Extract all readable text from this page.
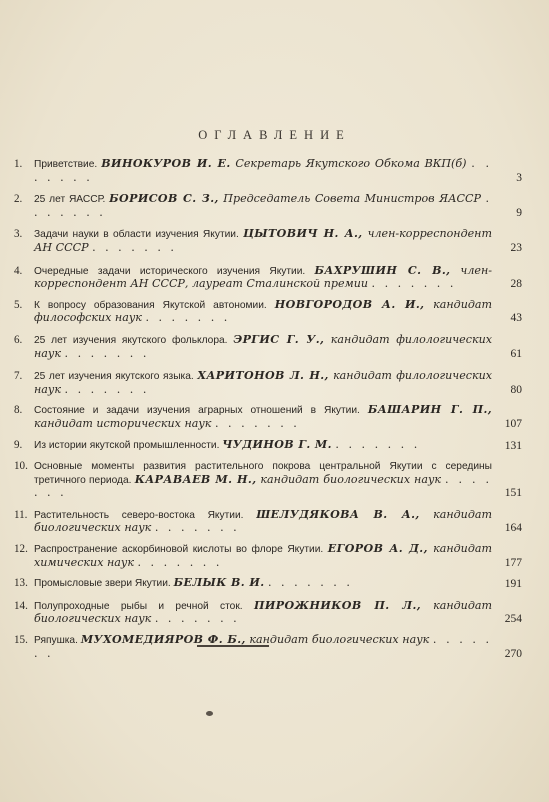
ОГЛАВЛЕНИЕ
1.	Приветствие. ВИНОКУРОВ И. Е. Секретарь Якутского Обкома ВКП(б) . . . . . . .	3
2.	25 лет ЯАССР. БОРИСОВ С. З., Председатель Совета Министров ЯАССР . . . . . . .	9
3.	Задачи науки в области изучения Якутии. ЦЫТОВИЧ Н. А., член-корреспондент АН СССР . . . . . . .	23
4.	Очередные задачи исторического изучения Якутии. БАХРУШИН С. В., член-корреспондент АН СССР, лауреат Сталинской премии . . . . . . .	28
5.	К вопросу образования Якутской автономии. НОВГОРОДОВ А. И., кандидат философских наук . . . . . . .	43
6.	25 лет изучения якутского фольклора. ЭРГИС Г. У., кандидат филологических наук . . . . . . .	61
7.	25 лет изучения якутского языка. ХАРИТОНОВ Л. Н., кандидат филологических наук . . . . . . .	80
8.	Состояние и задачи изучения аграрных отношений в Якутии. БАШАРИН Г. П., кандидат исторических наук . . . . . . .	107
9.	Из истории якутской промышленности. ЧУДИНОВ Г. М. . . . . . . .	131
10. Основные моменты развития растительного покрова центральной Якутии с середины третичного периода. КАРАВАЕВ М. Н., кандидат биологических наук . . . . . . .	151
11. Растительность северо-востока Якутии. ШЕЛУДЯКОВА В. А., кандидат биологических наук . . . . . . .	164
12. Распространение аскорбиновой кислоты во флоре Якутии. ЕГОРОВ А. Д., кандидат химических наук . . . . . . .	177
13. Промысловые звери Якутии. БЕЛЫК В. И. . . . . . . .	191
14. Полупроходные рыбы и речной сток. ПИРОЖНИКОВ П. Л., кандидат биологических наук . . . . . . .	254
15. Ряпушка. МУХОМЕДИЯРОВ Ф. Б., кандидат биологических наук . . . . . . .	270
